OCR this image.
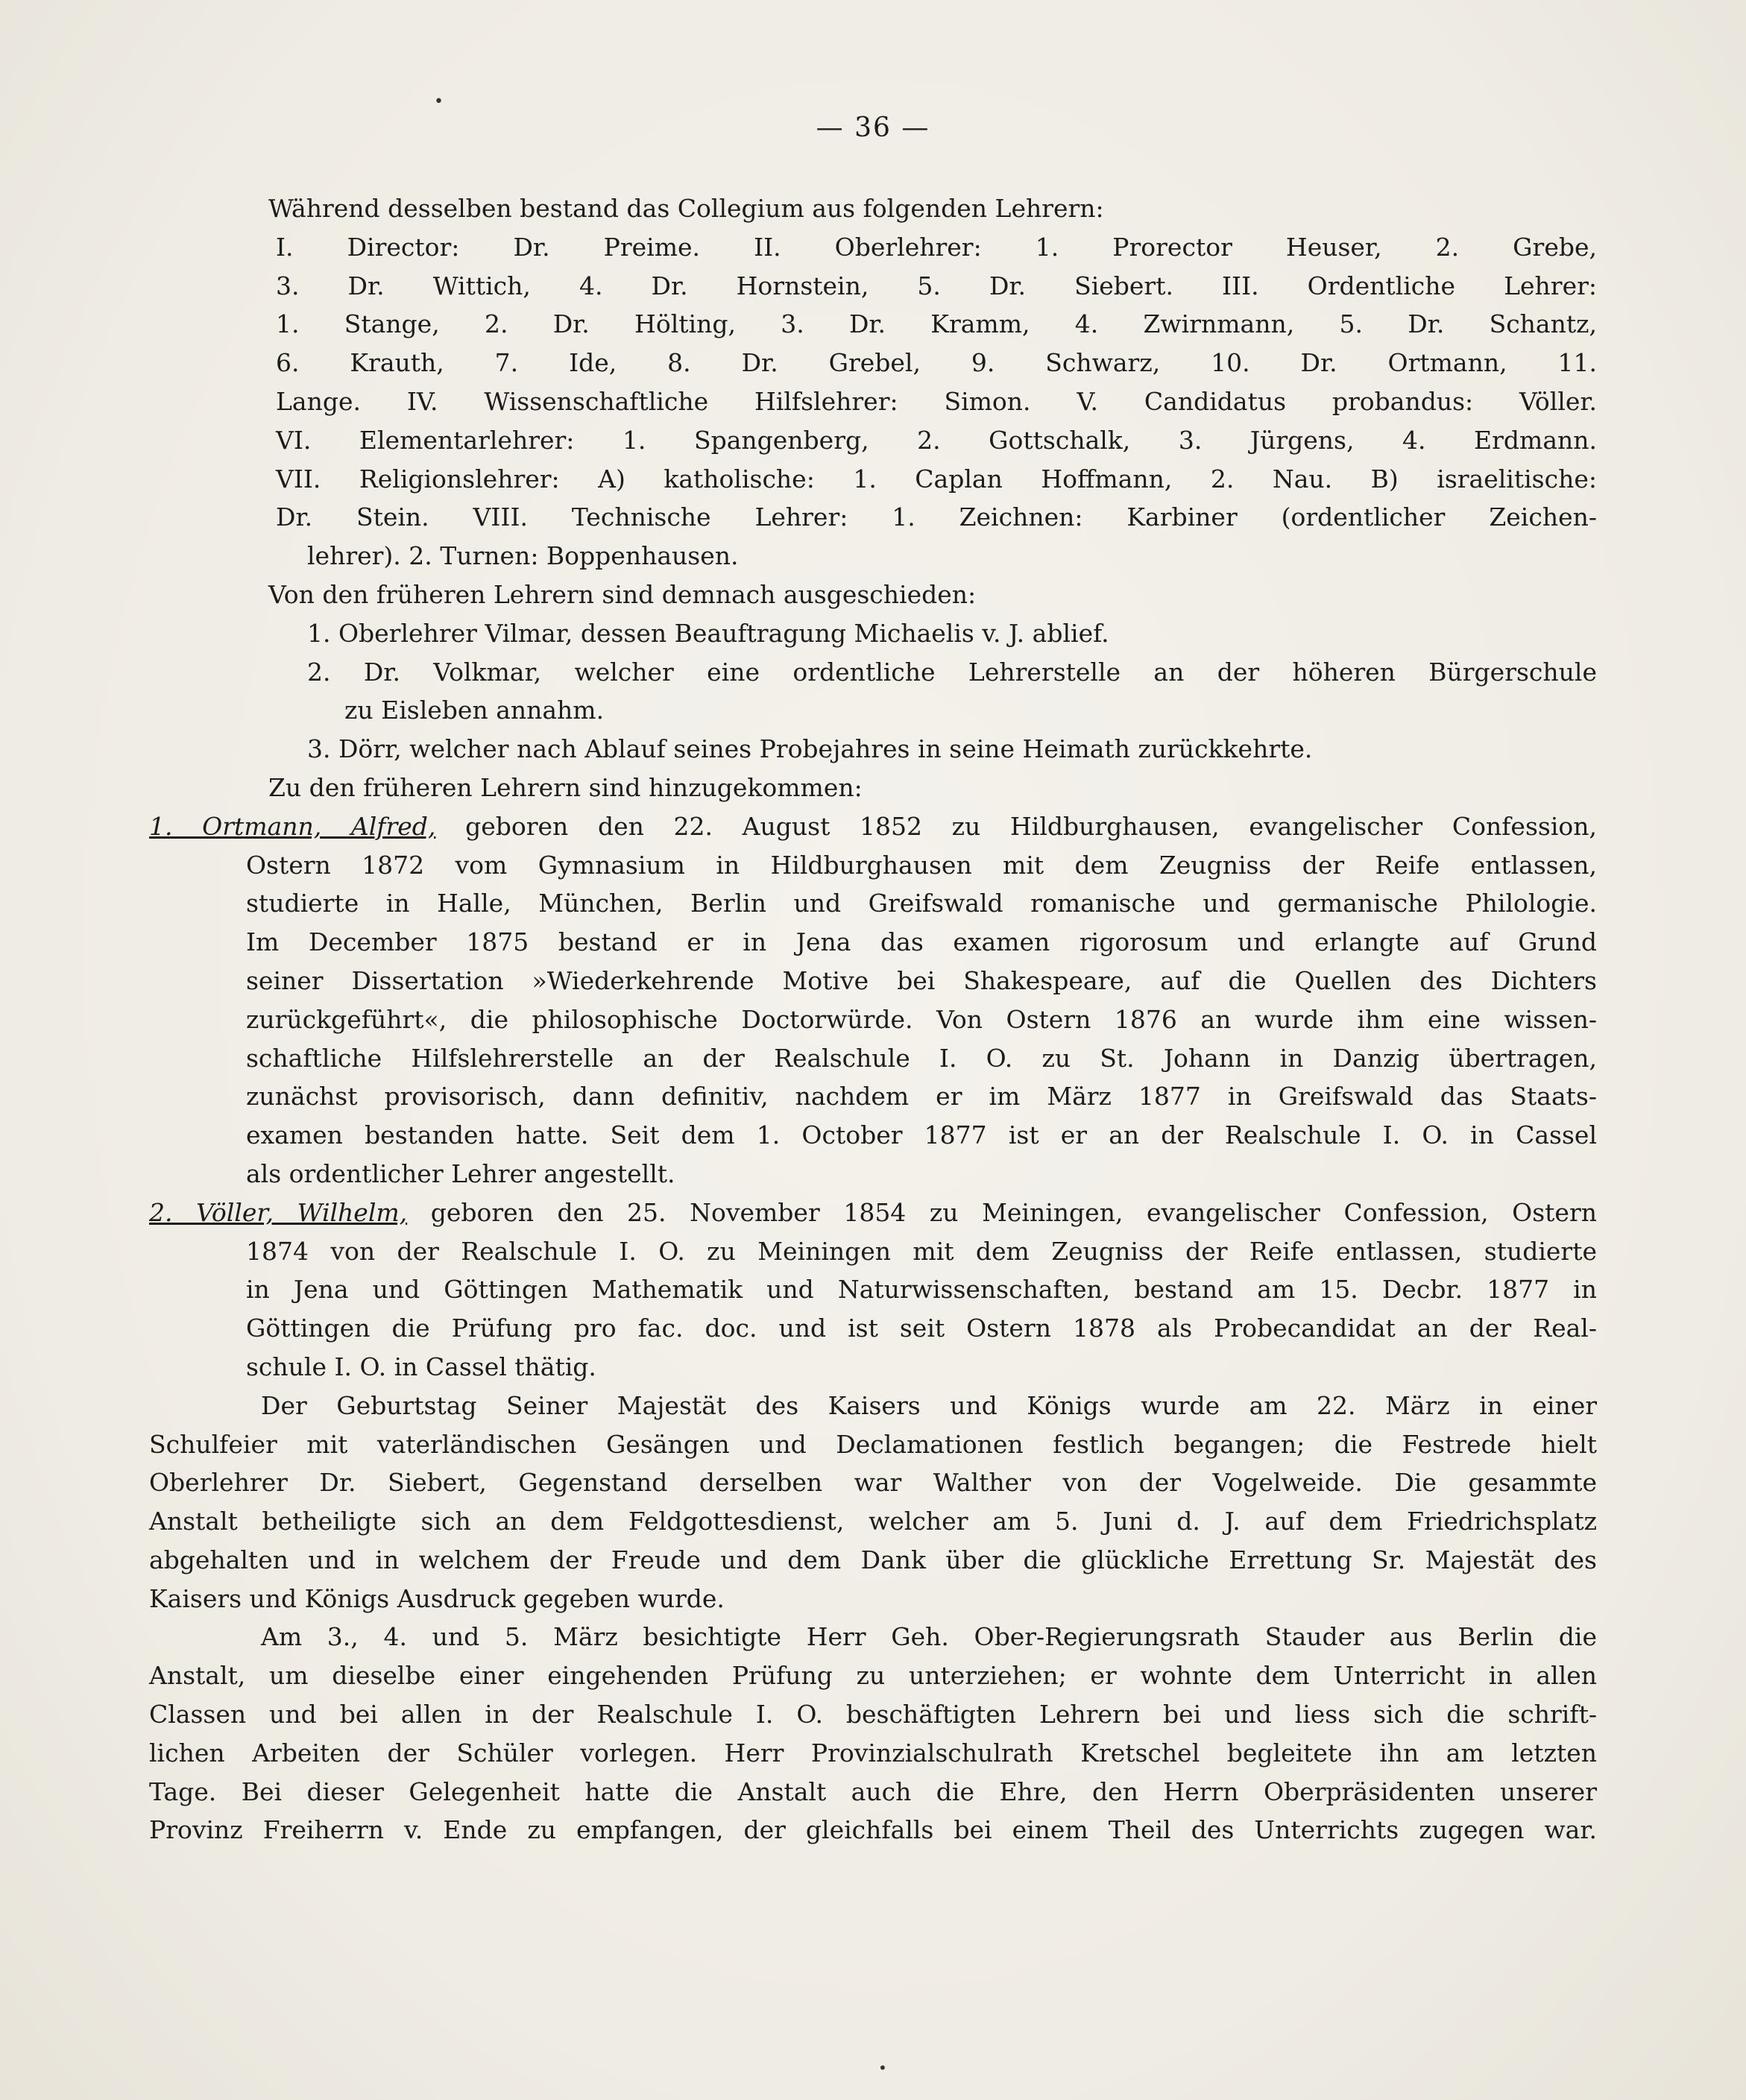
•
•
— 36 —

Während desselben bestand das Collegium aus folgenden Lehrern:

I. Director: Dr. Preime. II. Oberlehrer: 1. Prorector Heuser, 2. Grebe,

3. Dr. Wittich, 4. Dr. Hornstein, 5. Dr. Siebert. III. Ordentliche Lehrer:

1. Stange, 2. Dr. Hölting, 3. Dr. Kramm, 4. Zwirnmann, 5. Dr. Schantz,

6. Krauth, 7. Ide, 8. Dr. Grebel, 9. Schwarz, 10. Dr. Ortmann, 11.

Lange. IV. Wissenschaftliche Hilfslehrer: Simon. V. Candidatus probandus: Völler.

VI. Elementarlehrer: 1. Spangenberg, 2. Gottschalk, 3. Jürgens, 4. Erdmann.

VII. Religionslehrer: A) katholische: 1. Caplan Hoffmann, 2. Nau. B) israelitische:

Dr. Stein. VIII. Technische Lehrer: 1. Zeichnen: Karbiner (ordentlicher Zeichen-

lehrer). 2. Turnen: Boppenhausen.

Von den früheren Lehrern sind demnach ausgeschieden:

1. Oberlehrer Vilmar, dessen Beauftragung Michaelis v. J. ablief.

2. Dr. Volkmar, welcher eine ordentliche Lehrerstelle an der höheren Bürgerschule

zu Eisleben annahm.

3. Dörr, welcher nach Ablauf seines Probejahres in seine Heimath zurückkehrte.

Zu den früheren Lehrern sind hinzugekommen:

1. Ortmann, Alfred, geboren den 22. August 1852 zu Hildburghausen, evangelischer Confession,

Ostern 1872 vom Gymnasium in Hildburghausen mit dem Zeugniss der Reife entlassen,

studierte in Halle, München, Berlin und Greifswald romanische und germanische Philologie.

Im December 1875 bestand er in Jena das examen rigorosum und erlangte auf Grund

seiner Dissertation »Wiederkehrende Motive bei Shakespeare, auf die Quellen des Dichters

zurückgeführt«, die philosophische Doctorwürde. Von Ostern 1876 an wurde ihm eine wissen-

schaftliche Hilfslehrerstelle an der Realschule I. O. zu St. Johann in Danzig übertragen,

zunächst provisorisch, dann definitiv, nachdem er im März 1877 in Greifswald das Staats-

examen bestanden hatte. Seit dem 1. October 1877 ist er an der Realschule I. O. in Cassel

als ordentlicher Lehrer angestellt.

2. Völler, Wilhelm, geboren den 25. November 1854 zu Meiningen, evangelischer Confession, Ostern

1874 von der Realschule I. O. zu Meiningen mit dem Zeugniss der Reife entlassen, studierte

in Jena und Göttingen Mathematik und Naturwissenschaften, bestand am 15. Decbr. 1877 in

Göttingen die Prüfung pro fac. doc. und ist seit Ostern 1878 als Probecandidat an der Real-

schule I. O. in Cassel thätig.

Der Geburtstag Seiner Majestät des Kaisers und Königs wurde am 22. März in einer

Schulfeier mit vaterländischen Gesängen und Declamationen festlich begangen; die Festrede hielt

Oberlehrer Dr. Siebert, Gegenstand derselben war Walther von der Vogelweide. Die gesammte

Anstalt betheiligte sich an dem Feldgottesdienst, welcher am 5. Juni d. J. auf dem Friedrichsplatz

abgehalten und in welchem der Freude und dem Dank über die glückliche Errettung Sr. Majestät des

Kaisers und Königs Ausdruck gegeben wurde.

Am 3., 4. und 5. März besichtigte Herr Geh. Ober-Regierungsrath Stauder aus Berlin die

Anstalt, um dieselbe einer eingehenden Prüfung zu unterziehen; er wohnte dem Unterricht in allen

Classen und bei allen in der Realschule I. O. beschäftigten Lehrern bei und liess sich die schrift-

lichen Arbeiten der Schüler vorlegen. Herr Provinzialschulrath Kretschel begleitete ihn am letzten

Tage. Bei dieser Gelegenheit hatte die Anstalt auch die Ehre, den Herrn Oberpräsidenten unserer

Provinz Freiherrn v. Ende zu empfangen, der gleichfalls bei einem Theil des Unterrichts zugegen war.
